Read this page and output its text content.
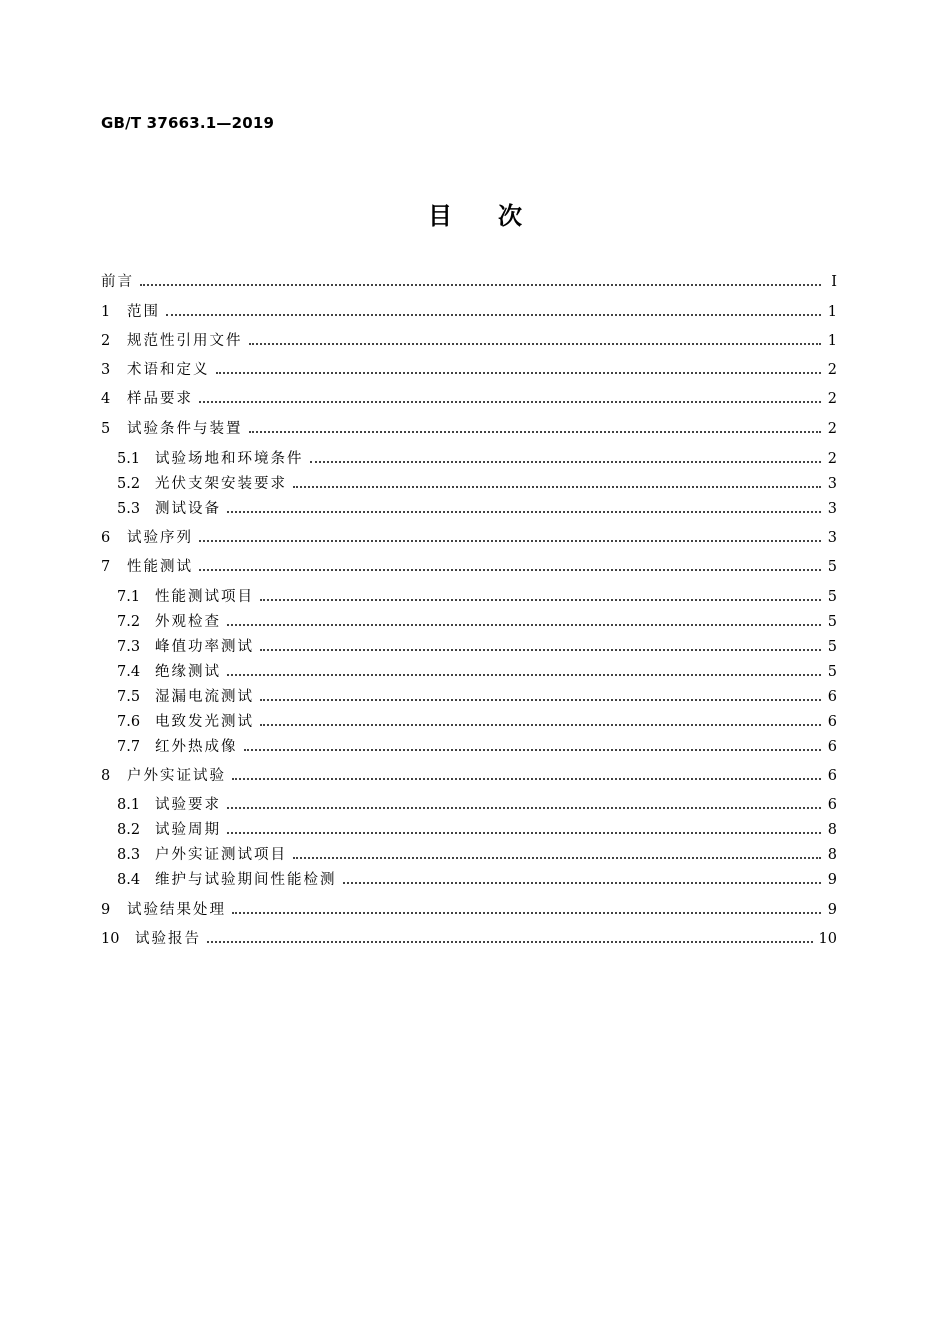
GB/T 37663.1—2019
目 次
前言	Ⅰ
1	范围	1
2	规范性引用文件	1
3	术语和定义	2
4	样品要求	2
5	试验条件与装置	2
5.1 试验场地和环境条件	2
5.2 光伏支架安装要求	3
5.3 测试设备	3
6	试验序列	3
7	性能测试	5
7.1 性能测试项目	5
7.2 外观检查	5
7.3 峰值功率测试	5
7.4 绝缘测试	5
7.5 湿漏电流测试	6
7.6 电致发光测试	6
7.7 红外热成像	6
8	户外实证试验	6
8.1 试验要求	6
8.2 试验周期	8
8.3 户外实证测试项目	8
8.4 维护与试验期间性能检测	9
9	试验结果处理	9
10 试验报告	10
